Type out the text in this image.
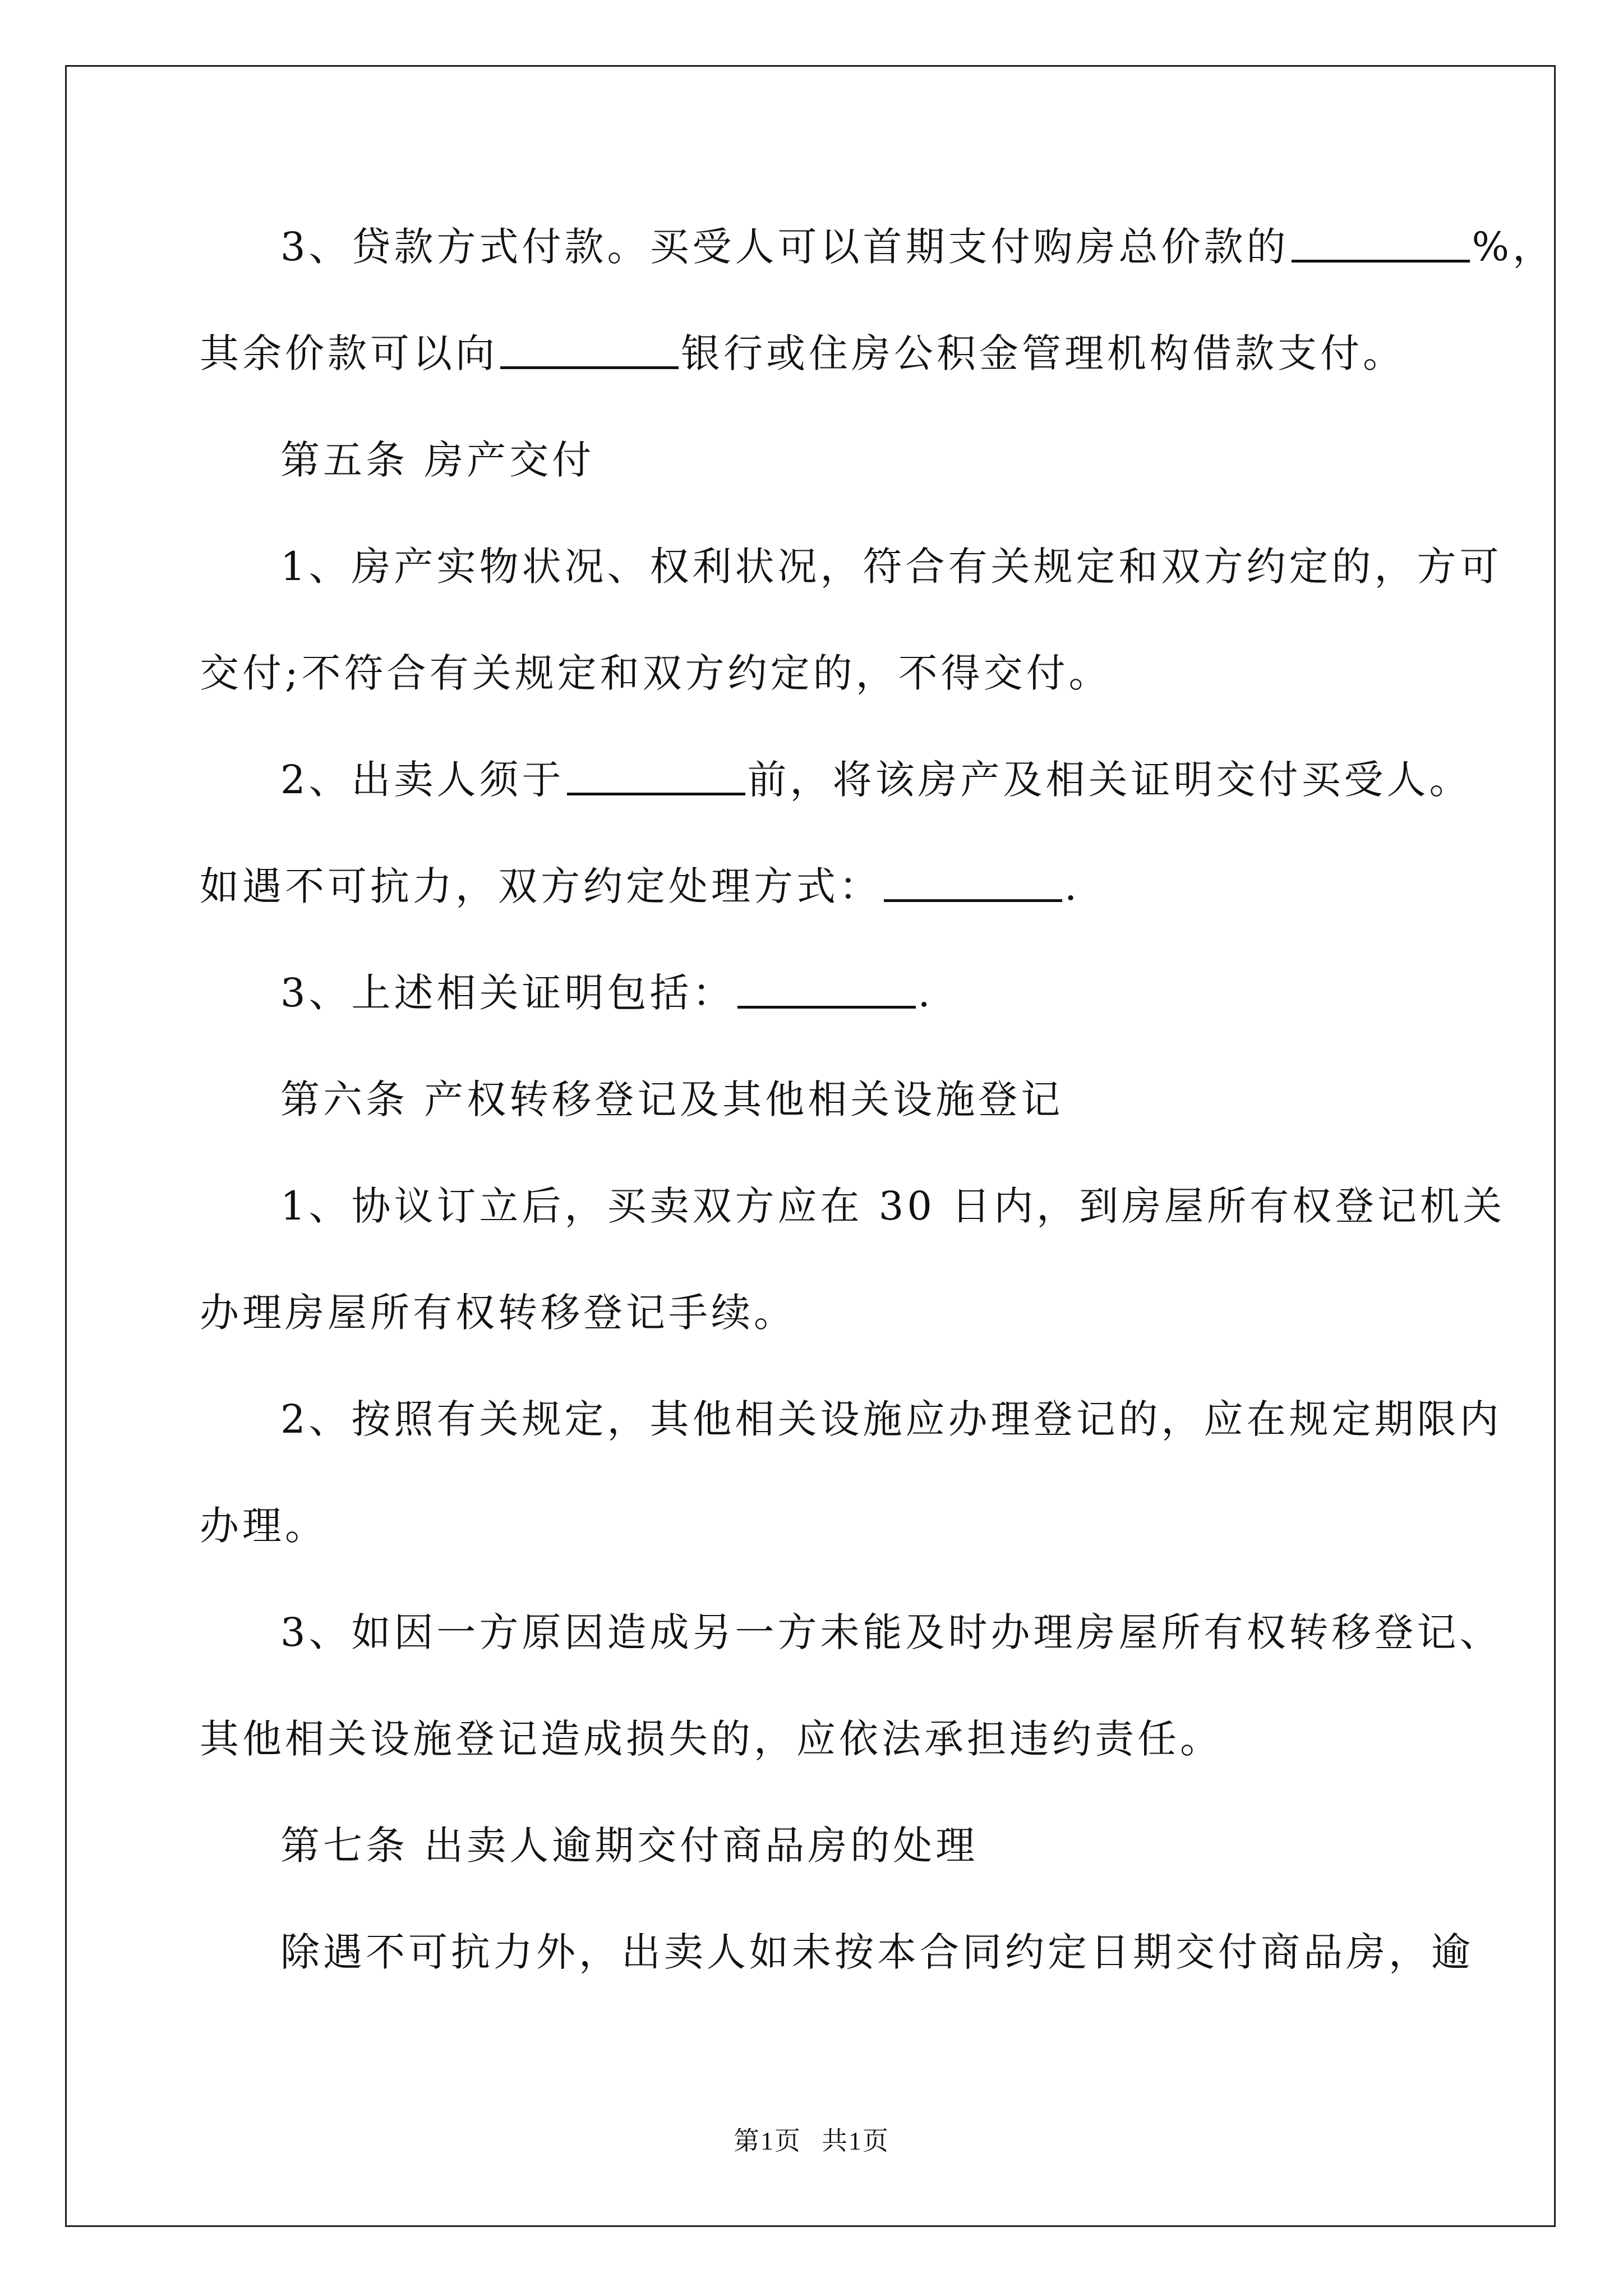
3、贷款方式付款。买受人可以首期支付购房总价款的	%，
其余价款可以向	银行或住房公积金管理机构借款支付。
第五条 房产交付
1、房产实物状况、权利状况，符合有关规定和双方约定的，方可
交付;不符合有关规定和双方约定的，不得交付。
2、出卖人须于	前，将该房产及相关证明交付买受人。
如遇不可抗力，双方约定处理方式：	.
3、上述相关证明包括：	.
第六条 产权转移登记及其他相关设施登记
1、协议订立后，买卖双方应在 30 日内，到房屋所有权登记机关
办理房屋所有权转移登记手续。
2、按照有关规定，其他相关设施应办理登记的，应在规定期限内
办理。
3、如因一方原因造成另一方未能及时办理房屋所有权转移登记、
其他相关设施登记造成损失的，应依法承担违约责任。
第七条 出卖人逾期交付商品房的处理
除遇不可抗力外，出卖人如未按本合同约定日期交付商品房，逾
第1页 共1页
